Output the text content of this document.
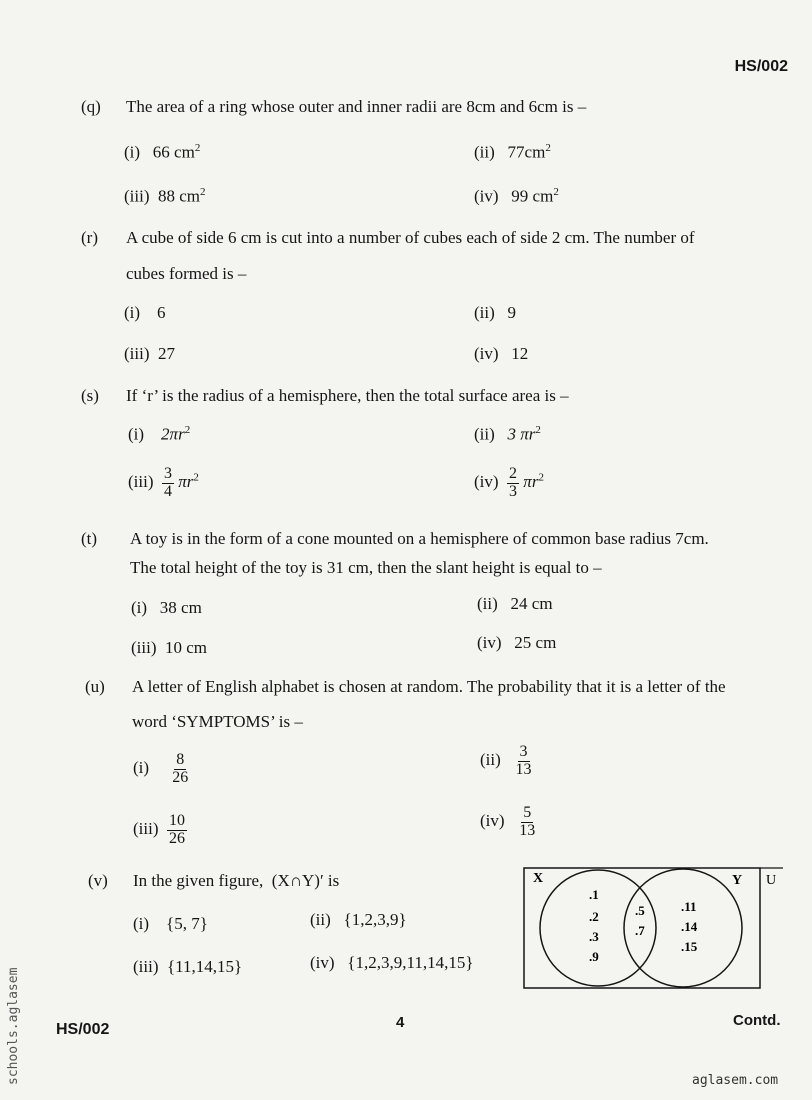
HS/002
(q) The area of a ring whose outer and inner radii are 8cm and 6cm is –
(i) 66 $cm^2$	(ii) $77cm^2$
(iii) 88 $cm^2$	(iv) 99 $cm^2$
(r) A cube of side 6 cm is cut into a number of cubes each of side 2 cm. The number of
cubes formed is –
(i) 6	(ii) 9
(iii) 27	(iv) 12
(s) If ‘r’ is the radius of a hemisphere, then the total surface area is –
(i) $2\pi r^2$	(ii) 3 $\pi r^2$
$(iii) \frac{3}{4} \pi r^2$	$(iv) \frac{2}{3} \pi r^2$
(t) A toy is in the form of a cone mounted on a hemisphere of common base radius 7cm.
The total height of the toy is 31 cm, then the slant height is equal to –
(i) 38 cm	(ii) 24 cm
(iii) 10 cm	(iv) 25 cm
(u) A letter of English alphabet is chosen at random. The probability that it is a letter of the
word ‘SYMPTOMS’ is –
$(i) \frac{8}{26}$	$(ii) \frac{3}{13}$
$(iii) \frac{10}{26}$	$(iv) \frac{5}{13}$
(v) In the given figure, (X∩Y)′ is
(i) {5, 7}	(ii) {1,2,3,9}
(iii) {11,14,15}	(iv) {1,2,3,9,11,14,15}
X	Y U
.1
.2
.3
.9
.5
.7
.11
.14
.15
HS/002	4	Contd.
schools.aglasem	aglasem.com
